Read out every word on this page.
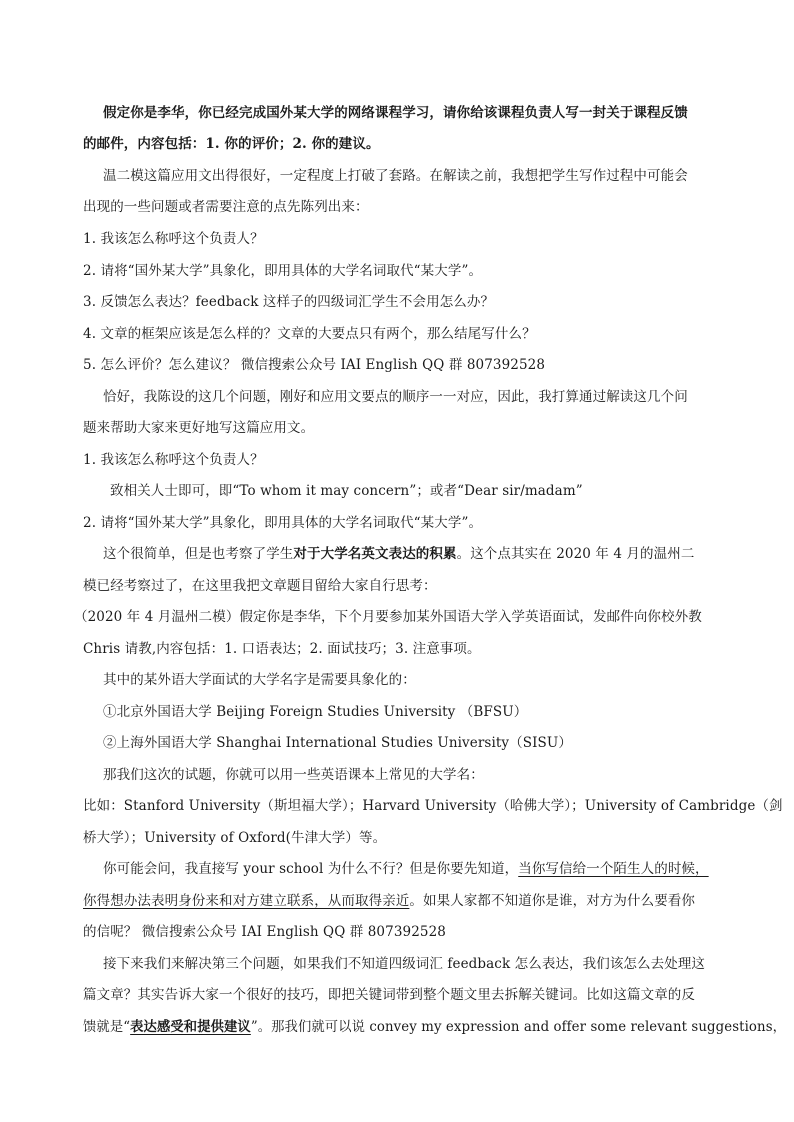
假定你是李华，你已经完成国外某大学的网络课程学习，请你给该课程负责人写一封关于课程反馈
的邮件，内容包括：1. 你的评价；2. 你的建议。
温二模这篇应用文出得很好，一定程度上打破了套路。在解读之前，我想把学生写作过程中可能会
出现的一些问题或者需要注意的点先陈列出来：
1. 我该怎么称呼这个负责人？
2. 请将“国外某大学”具象化，即用具体的大学名词取代“某大学”。
3. 反馈怎么表达？feedback 这样子的四级词汇学生不会用怎么办？
4. 文章的框架应该是怎么样的？文章的大要点只有两个，那么结尾写什么？
5. 怎么评价？怎么建议？ 微信搜索公众号 IAI English QQ 群 807392528
恰好，我陈设的这几个问题，刚好和应用文要点的顺序一一对应，因此，我打算通过解读这几个问
题来帮助大家来更好地写这篇应用文。
1. 我该怎么称呼这个负责人？
致相关人士即可，即“To whom it may concern”；或者“Dear sir/madam”
2. 请将“国外某大学”具象化，即用具体的大学名词取代“某大学”。
这个很简单，但是也考察了学生对于大学名英文表达的积累。这个点其实在 2020 年 4 月的温州二
模已经考察过了，在这里我把文章题目留给大家自行思考：
（2020 年 4 月温州二模）假定你是李华，下个月要参加某外国语大学入学英语面试，发邮件向你校外教
Chris 请教,内容包括：1. 口语表达；2. 面试技巧；3. 注意事项。
其中的某外语大学面试的大学名字是需要具象化的：
①北京外国语大学 Beijing Foreign Studies University （BFSU）
②上海外国语大学 Shanghai International Studies University（SISU）
那我们这次的试题，你就可以用一些英语课本上常见的大学名：
比如：Stanford University（斯坦福大学）；Harvard University（哈佛大学）；University of Cambridge（剑
桥大学）；University of Oxford(牛津大学）等。
你可能会问，我直接写 your school 为什么不行？但是你要先知道，当你写信给一个陌生人的时候，
你得想办法表明身份来和对方建立联系，从而取得亲近。如果人家都不知道你是谁，对方为什么要看你
的信呢？ 微信搜索公众号 IAI English QQ 群 807392528
接下来我们来解决第三个问题，如果我们不知道四级词汇 feedback 怎么表达，我们该怎么去处理这
篇文章？其实告诉大家一个很好的技巧，即把关键词带到整个题文里去拆解关键词。比如这篇文章的反
馈就是“表达感受和提供建议”。那我们就可以说 convey my expression and offer some relevant suggestions，
